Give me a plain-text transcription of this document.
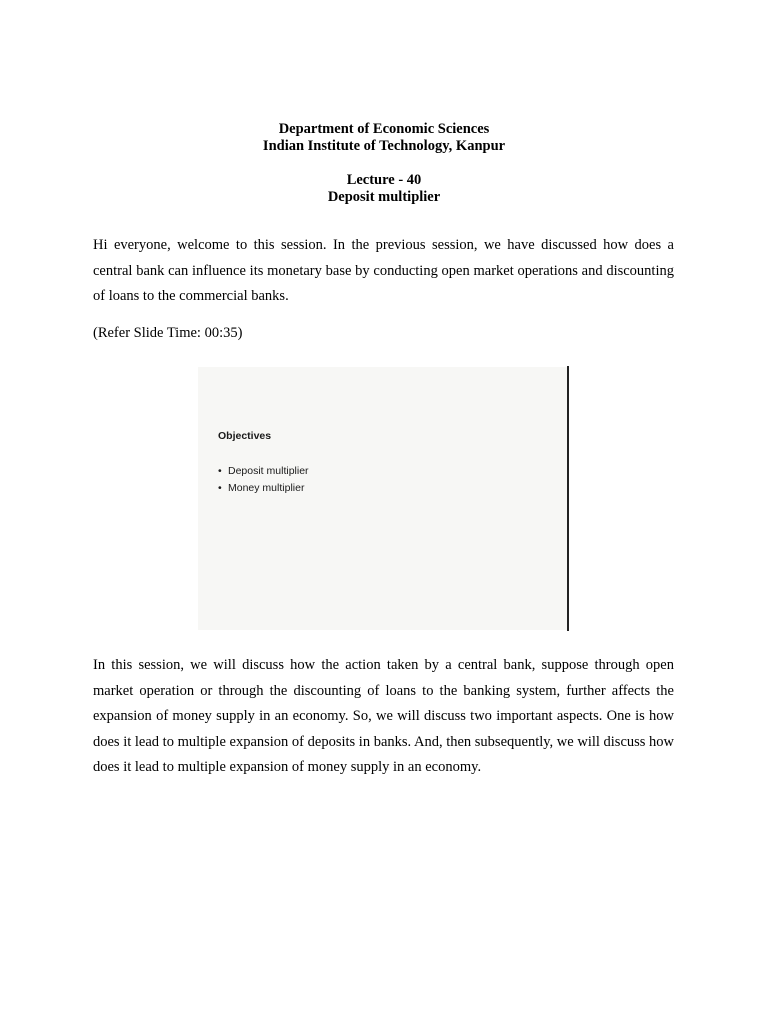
Department of Economic Sciences
Indian Institute of Technology, Kanpur
Lecture - 40
Deposit multiplier

Hi everyone, welcome to this session. In the previous session, we have discussed how does a central bank can influence its monetary base by conducting open market operations and discounting of loans to the commercial banks.

(Refer Slide Time: 00:35)

Objectives
• Deposit multiplier
• Money multiplier

In this session, we will discuss how the action taken by a central bank, suppose through open market operation or through the discounting of loans to the banking system, further affects the expansion of money supply in an economy. So, we will discuss two important aspects. One is how does it lead to multiple expansion of deposits in banks. And, then subsequently, we will discuss how does it lead to multiple expansion of money supply in an economy.
